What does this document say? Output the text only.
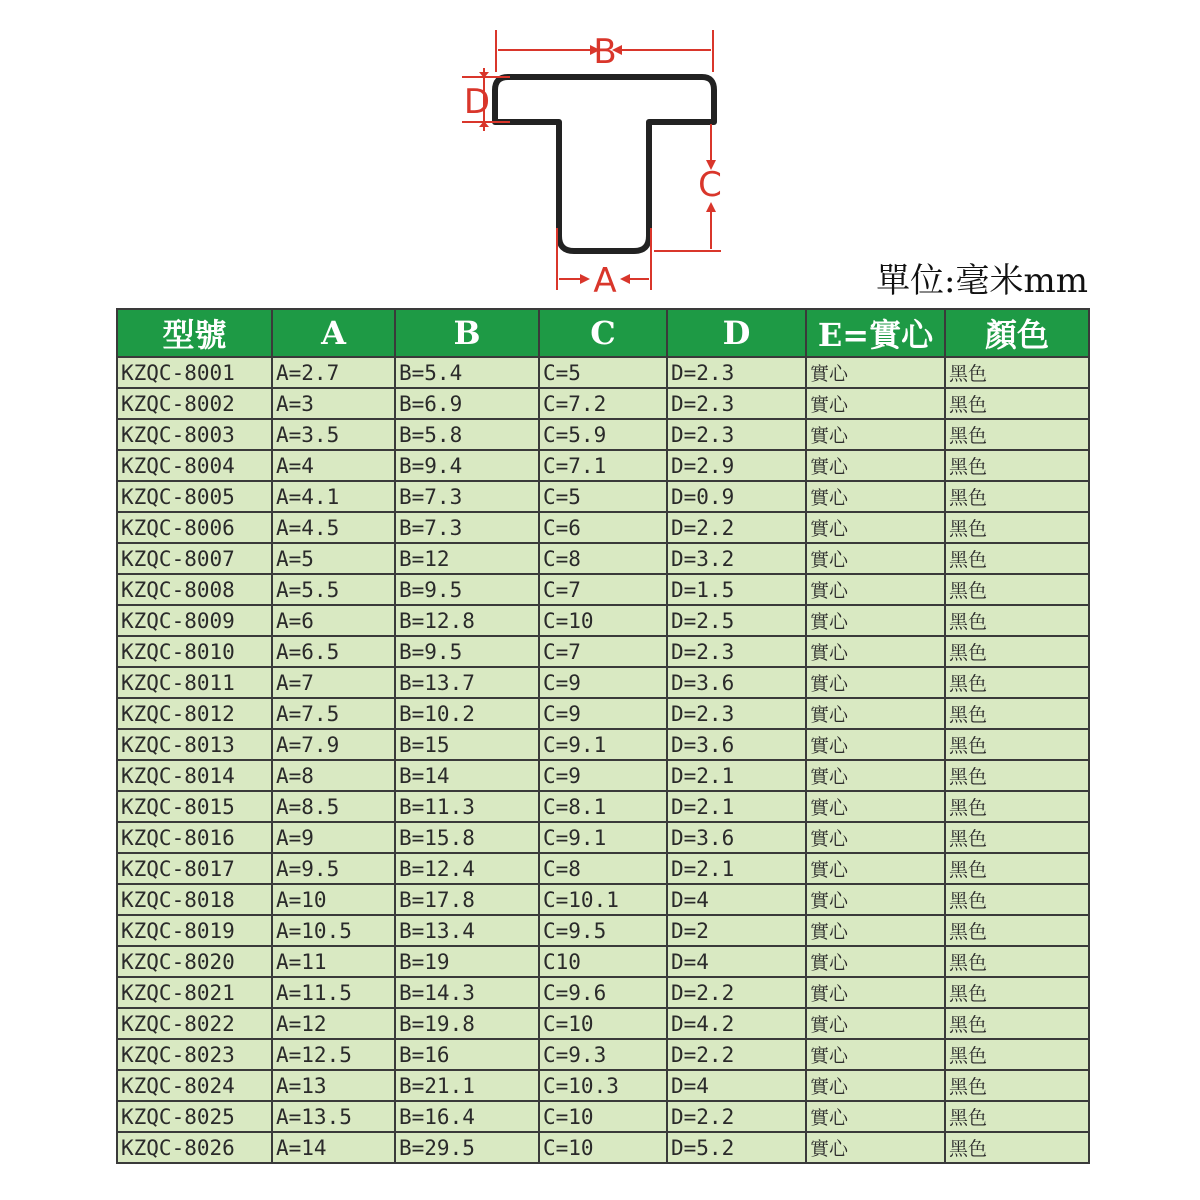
B
D
C
A	單位:毫米mm
型號	A	B	C	D	E=實心	顏色
KZQC-8001	A=2.7	B=5.4	C=5	D=2.3	實心	黑色
KZQC-8002	A=3	B=6.9	C=7.2	D=2.3	實心	黑色
KZQC-8003	A=3.5	B=5.8	C=5.9	D=2.3	實心	黑色
KZQC-8004	A=4	B=9.4	C=7.1	D=2.9	實心	黑色
KZQC-8005	A=4.1	B=7.3	C=5	D=0.9	實心	黑色
KZQC-8006	A=4.5	B=7.3	C=6	D=2.2	實心	黑色
KZQC-8007	A=5	B=12	C=8	D=3.2	實心	黑色
KZQC-8008	A=5.5	B=9.5	C=7	D=1.5	實心	黑色
KZQC-8009	A=6	B=12.8	C=10	D=2.5	實心	黑色
KZQC-8010	A=6.5	B=9.5	C=7	D=2.3	實心	黑色
KZQC-8011	A=7	B=13.7	C=9	D=3.6	實心	黑色
KZQC-8012	A=7.5	B=10.2	C=9	D=2.3	實心	黑色
KZQC-8013	A=7.9	B=15	C=9.1	D=3.6	實心	黑色
KZQC-8014	A=8	B=14	C=9	D=2.1	實心	黑色
KZQC-8015	A=8.5	B=11.3	C=8.1	D=2.1	實心	黑色
KZQC-8016	A=9	B=15.8	C=9.1	D=3.6	實心	黑色
KZQC-8017	A=9.5	B=12.4	C=8	D=2.1	實心	黑色
KZQC-8018	A=10	B=17.8	C=10.1	D=4	實心	黑色
KZQC-8019	A=10.5	B=13.4	C=9.5	D=2	實心	黑色
KZQC-8020	A=11	B=19	C10	D=4	實心	黑色
KZQC-8021	A=11.5	B=14.3	C=9.6	D=2.2	實心	黑色
KZQC-8022	A=12	B=19.8	C=10	D=4.2	實心	黑色
KZQC-8023	A=12.5	B=16	C=9.3	D=2.2	實心	黑色
KZQC-8024	A=13	B=21.1	C=10.3	D=4	實心	黑色
KZQC-8025	A=13.5	B=16.4	C=10	D=2.2	實心	黑色
KZQC-8026	A=14	B=29.5	C=10	D=5.2	實心	黑色
